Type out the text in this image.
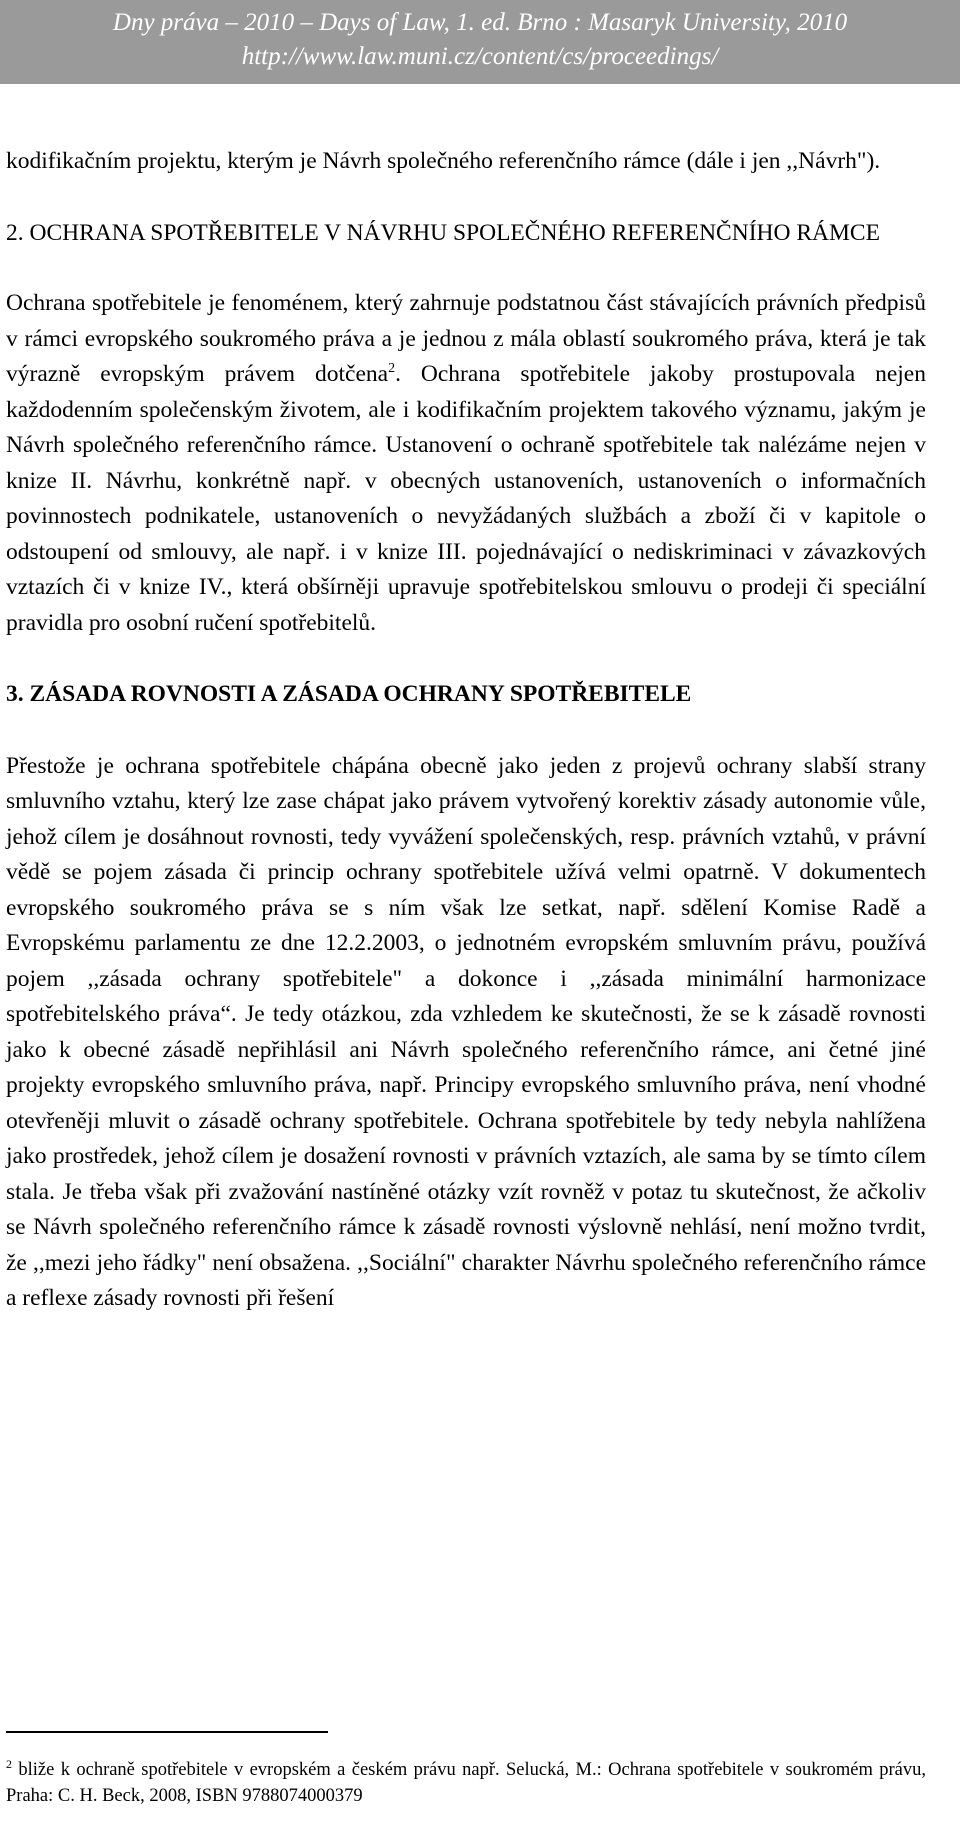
Dny práva – 2010 – Days of Law, 1. ed. Brno : Masaryk University, 2010
http://www.law.muni.cz/content/cs/proceedings/

kodifikačním projektu, kterým je Návrh společného referenčního rámce (dále i jen ,,Návrh").

2. OCHRANA SPOTŘEBITELE V NÁVRHU SPOLEČNÉHO REFERENČNÍHO RÁMCE

Ochrana spotřebitele je fenoménem, který zahrnuje podstatnou část stávajících právních předpisů v rámci evropského soukromého práva a je jednou z mála oblastí soukromého práva, která je tak výrazně evropským právem dotčena$^2$. Ochrana spotřebitele jakoby prostupovala nejen každodenním společenským životem, ale i kodifikačním projektem takového významu, jakým je Návrh společného referenčního rámce. Ustanovení o ochraně spotřebitele tak nalézáme nejen v knize II. Návrhu, konkrétně např. v obecných ustanoveních, ustanoveních o informačních povinnostech podnikatele, ustanoveních o nevyžádaných službách a zboží či v kapitole o odstoupení od smlouvy, ale např. i v knize III. pojednávající o nediskriminaci v závazkových vztazích či v knize IV., která obšírněji upravuje spotřebitelskou smlouvu o prodeji či speciální pravidla pro osobní ručení spotřebitelů.

3. ZÁSADA ROVNOSTI A ZÁSADA OCHRANY SPOTŘEBITELE

Přestože je ochrana spotřebitele chápána obecně jako jeden z projevů ochrany slabší strany smluvního vztahu, který lze zase chápat jako právem vytvořený korektiv zásady autonomie vůle, jehož cílem je dosáhnout rovnosti, tedy vyvážení společenských, resp. právních vztahů, v právní vědě se pojem zásada či princip ochrany spotřebitele užívá velmi opatrně. V dokumentech evropského soukromého práva se s ním však lze setkat, např. sdělení Komise Radě a Evropskému parlamentu ze dne 12.2.2003, o jednotném evropském smluvním právu, používá pojem ,,zásada ochrany spotřebitele" a dokonce i ,,zásada minimální harmonizace spotřebitelského práva“. Je tedy otázkou, zda vzhledem ke skutečnosti, že se k zásadě rovnosti jako k obecné zásadě nepřihlásil ani Návrh společného referenčního rámce, ani četné jiné projekty evropského smluvního práva, např. Principy evropského smluvního práva, není vhodné otevřeněji mluvit o zásadě ochrany spotřebitele. Ochrana spotřebitele by tedy nebyla nahlížena jako prostředek, jehož cílem je dosažení rovnosti v právních vztazích, ale sama by se tímto cílem stala. Je třeba však při zvažování nastíněné otázky vzít rovněž v potaz tu skutečnost, že ačkoliv se Návrh společného referenčního rámce k zásadě rovnosti výslovně nehlásí, není možno tvrdit, že ,,mezi jeho řádky" není obsažena. ,,Sociální" charakter Návrhu společného referenčního rámce a reflexe zásady rovnosti při řešení

$^2$ bliže k ochraně spotřebitele v evropském a českém právu např. Selucká, M.: Ochrana spotřebitele v soukromém právu, Praha: C. H. Beck, 2008, ISBN 9788074000379
